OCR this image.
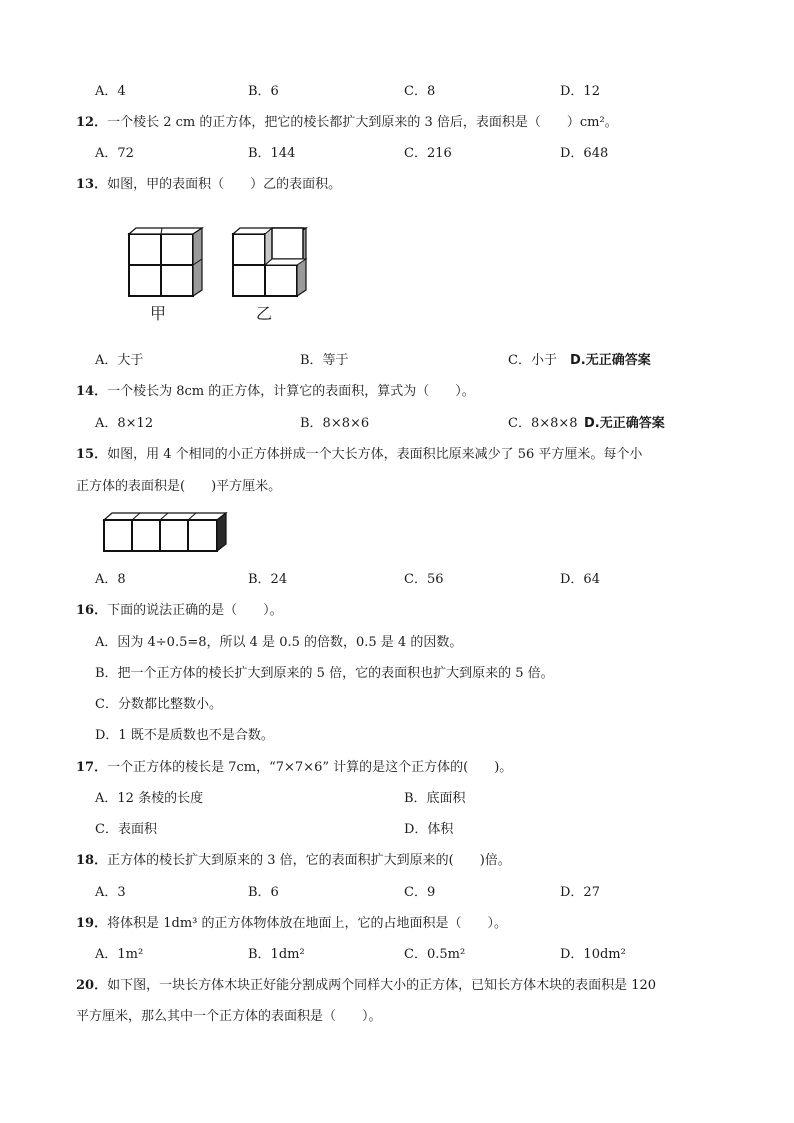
A．4	B．6	C．8	D．12
12．一个棱长 2 cm 的正方体，把它的棱长都扩大到原来的 3 倍后，表面积是（　　）cm²。
A．72	B．144	C．216	D．648
13．如图，甲的表面积（　　）乙的表面积。
甲	乙
A．大于	B．等于	C．小于 D.无正确答案
14．一个棱长为 8cm 的正方体，计算它的表面积，算式为（　　）。
A．8×12	B．8×8×6	C．8×8×8 D.无正确答案
15．如图，用 4 个相同的小正方体拼成一个大长方体，表面积比原来减少了 56 平方厘米。每个小
正方体的表面积是(　　)平方厘米。
A．8	B．24	C．56	D．64
16．下面的说法正确的是（　　）。
A．因为 4÷0.5=8，所以 4 是 0.5 的倍数，0.5 是 4 的因数。
B．把一个正方体的棱长扩大到原来的 5 倍，它的表面积也扩大到原来的 5 倍。
C．分数都比整数小。
D．1 既不是质数也不是合数。
17．一个正方体的棱长是 7cm，“7×7×6” 计算的是这个正方体的(　　)。
A．12 条棱的长度	B．底面积
C．表面积	D．体积
18．正方体的棱长扩大到原来的 3 倍，它的表面积扩大到原来的(　　)倍。
A．3	B．6	C．9	D．27
19．将体积是 1dm³ 的正方体物体放在地面上，它的占地面积是（　　）。
A．1m²	B．1dm²	C．0.5m²	D．10dm²
20．如下图，一块长方体木块正好能分割成两个同样大小的正方体，已知长方体木块的表面积是 120
平方厘米，那么其中一个正方体的表面积是（　　）。
